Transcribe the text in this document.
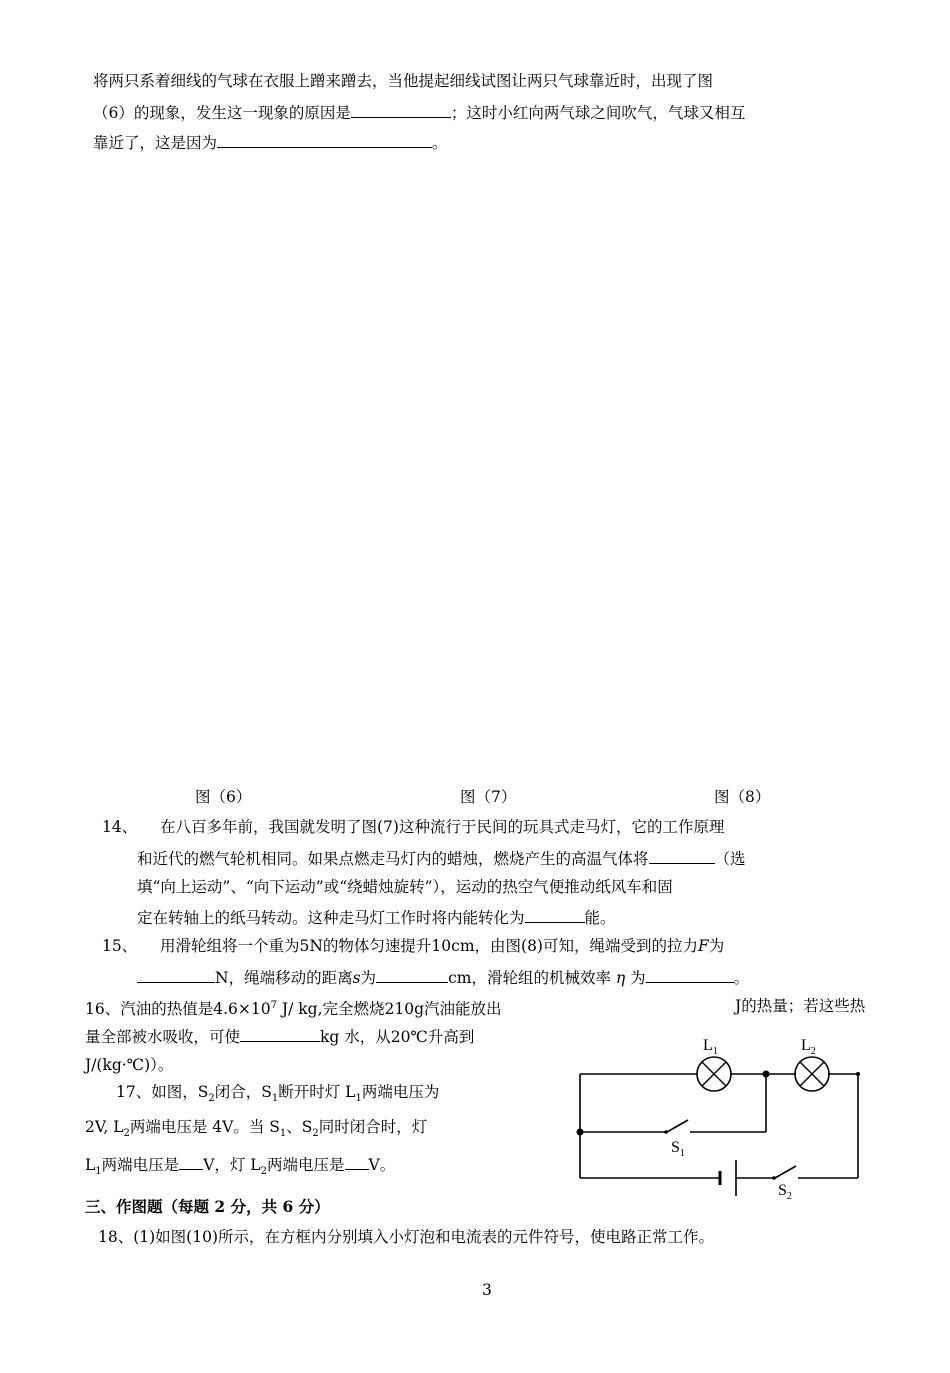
将两只系着细线的气球在衣服上蹭来蹭去，当他提起细线试图让两只气球靠近时，出现了图
（6）的现象，发生这一现象的原因是	；这时小红向两气球之间吹气，气球又相互
靠近了，这是因为	。
图（6）	图（7）	图（8）
14、 在八百多年前，我国就发明了图(7)这种流行于民间的玩具式走马灯，它的工作原理
和近代的燃气轮机相同。如果点燃走马灯内的蜡烛，燃烧产生的高温气体将	（选
填“向上运动”、“向下运动”或“绕蜡烛旋转”），运动的热空气便推动纸风车和固
定在转轴上的纸马转动。这种走马灯工作时将内能转化为	能。
15、 用滑轮组将一个重为5N的物体匀速提升10cm，由图(8)可知，绳端受到的拉力F为
N，绳端移动的距离s为	cm，滑轮组的机械效率 η 为	。
16、汽油的热值是$4.6\times 10^7$ J/ kg,完全燃烧210g汽油能放出	J的热量；若这些热
量全部被水吸收，可使	kg 水，从20℃升高到
J/(kg·℃)）。
17、如图，$S_2$闭合，$S_1$断开时灯 $L_1$两端电压为
2V, $L_2$两端电压是 4V。当 $S_1$、$S_2$同时闭合时，灯
$L_1$两端电压是 V，灯 $L_2$两端电压是 V。
$L_1$	$L_2$
$S_1$
$S_2$
三、作图题（每题 2 分，共 6 分）
18、(1)如图(10)所示，在方框内分别填入小灯泡和电流表的元件符号，使电路正常工作。
3
